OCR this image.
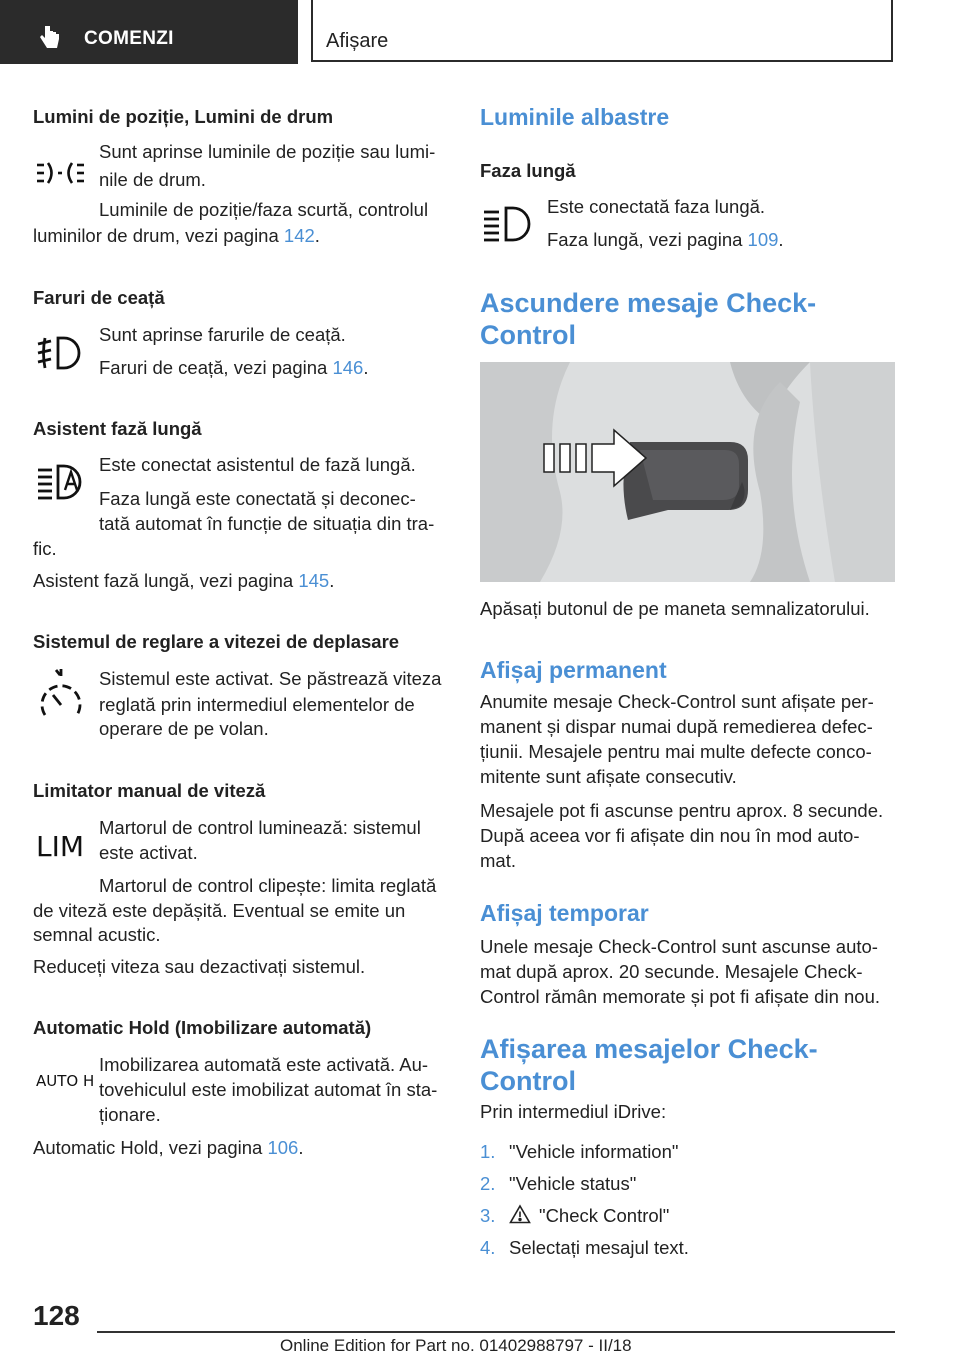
COMENZI	Afișare
Lumini de poziție, Lumini de drum
Sunt aprinse luminile de poziție sau lumi-
nile de drum.
Luminile de poziție/faza scurtă, controlul
luminilor de drum, vezi pagina 142.
Faruri de ceață
Sunt aprinse farurile de ceață.
Faruri de ceață, vezi pagina 146.
Asistent fază lungă
Este conectat asistentul de fază lungă.
Faza lungă este conectată și deconec-
tată automat în funcție de situația din tra-
fic.
Asistent fază lungă, vezi pagina 145.
Sistemul de reglare a vitezei de deplasare
Sistemul este activat. Se păstrează viteza
reglată prin intermediul elementelor de
operare de pe volan.
Limitator manual de viteză
LIM
Martorul de control luminează: sistemul
este activat.
Martorul de control clipește: limita reglată
de viteză este depășită. Eventual se emite un
semnal acustic.
Reduceți viteza sau dezactivați sistemul.
Automatic Hold (Imobilizare automată)
AUTO H
Imobilizarea automată este activată. Au-
tovehiculul este imobilizat automat în sta-
ționare.
Automatic Hold, vezi pagina 106.
Luminile albastre
Faza lungă
Este conectată faza lungă.
Faza lungă, vezi pagina 109.
Ascundere mesaje Check-
Control
Apăsați butonul de pe maneta semnalizatorului.
Afișaj permanent
Anumite mesaje Check-Control sunt afișate per-
manent și dispar numai după remedierea defec-
țiunii. Mesajele pentru mai multe defecte conco-
mitente sunt afișate consecutiv.
Mesajele pot fi ascunse pentru aprox. 8 secunde.
După aceea vor fi afișate din nou în mod auto-
mat.
Afișaj temporar
Unele mesaje Check-Control sunt ascunse auto-
mat după aprox. 20 secunde. Mesajele Check-
Control rămân memorate și pot fi afișate din nou.
Afișarea mesajelor Check-
Control
Prin intermediul iDrive:
1. "Vehicle information"
2. "Vehicle status"
3. "Check Control"
4. Selectați mesajul text.
128
Online Edition for Part no. 01402988797 - II/18
